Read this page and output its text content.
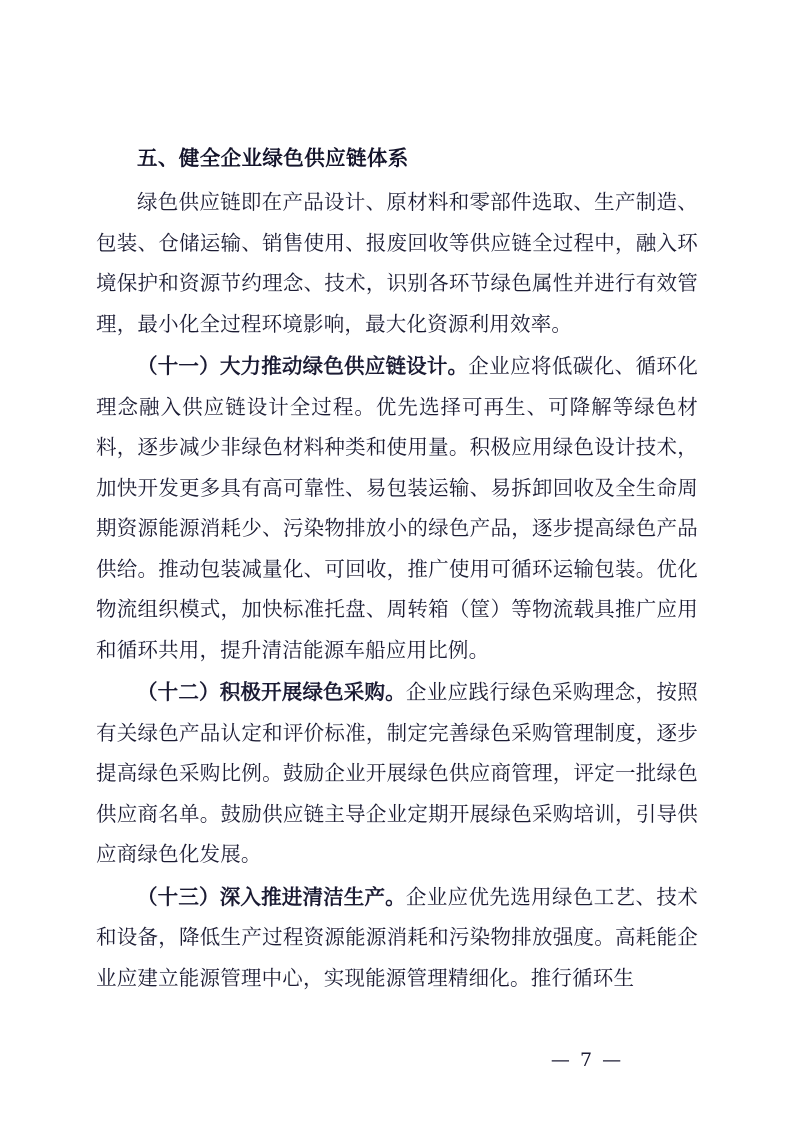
五、健全企业绿色供应链体系

绿色供应链即在产品设计、原材料和零部件选取、生产制造、包装、仓储运输、销售使用、报废回收等供应链全过程中，融入环境保护和资源节约理念、技术，识别各环节绿色属性并进行有效管理，最小化全过程环境影响，最大化资源利用效率。

（十一）大力推动绿色供应链设计。企业应将低碳化、循环化理念融入供应链设计全过程。优先选择可再生、可降解等绿色材料，逐步减少非绿色材料种类和使用量。积极应用绿色设计技术，加快开发更多具有高可靠性、易包装运输、易拆卸回收及全生命周期资源能源消耗少、污染物排放小的绿色产品，逐步提高绿色产品供给。推动包装减量化、可回收，推广使用可循环运输包装。优化物流组织模式，加快标准托盘、周转箱（筐）等物流载具推广应用和循环共用，提升清洁能源车船应用比例。

（十二）积极开展绿色采购。企业应践行绿色采购理念，按照有关绿色产品认定和评价标准，制定完善绿色采购管理制度，逐步提高绿色采购比例。鼓励企业开展绿色供应商管理，评定一批绿色供应商名单。鼓励供应链主导企业定期开展绿色采购培训，引导供应商绿色化发展。

（十三）深入推进清洁生产。企业应优先选用绿色工艺、技术和设备，降低生产过程资源能源消耗和污染物排放强度。高耗能企业应建立能源管理中心，实现能源管理精细化。推行循环生

— 7 —
